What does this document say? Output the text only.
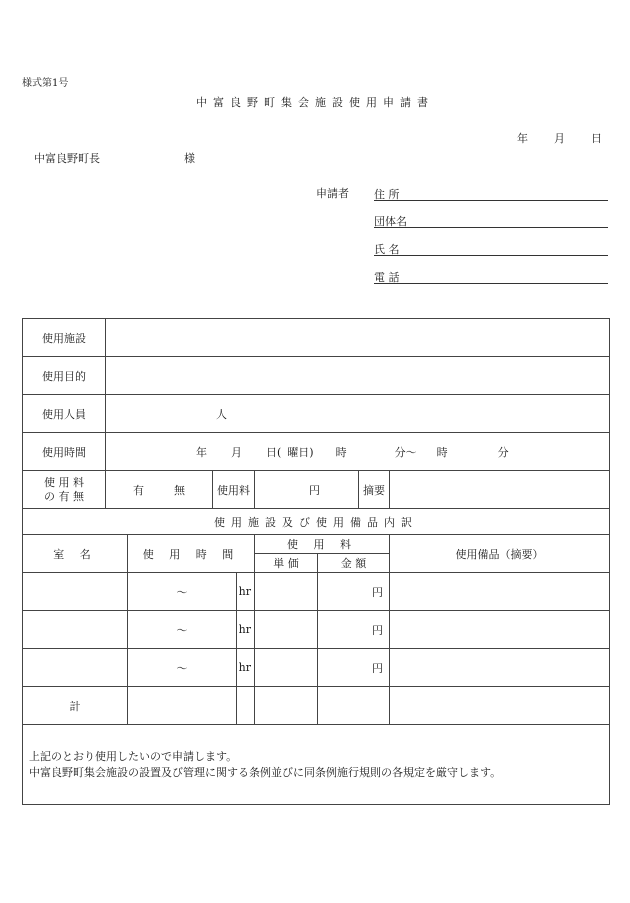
様式第1号
中富良野町集会施設使用申請書
年 月 日
中富良野町長	様
申請者 住 所
団体名
氏 名
電 話
使用施設								
使用目的								
使用人員	人							
使用時間	年 月 日( 曜日) 時 分〜 時 分							
使 用 料
の 有 無	有 無		使用料		円		摘要	
使用施設及び使用備品内訳								
室 名		使 用 時 間			使 用 料			使用備品（摘要）
					単 価	金 額		
		〜		hr		円		
		〜		hr		円		
		〜		hr		円		
計								
上記のとおり使用したいので申請します。
中富良野町集会施設の設置及び管理に関する条例並びに同条例施行規則の各規定を厳守します。								
